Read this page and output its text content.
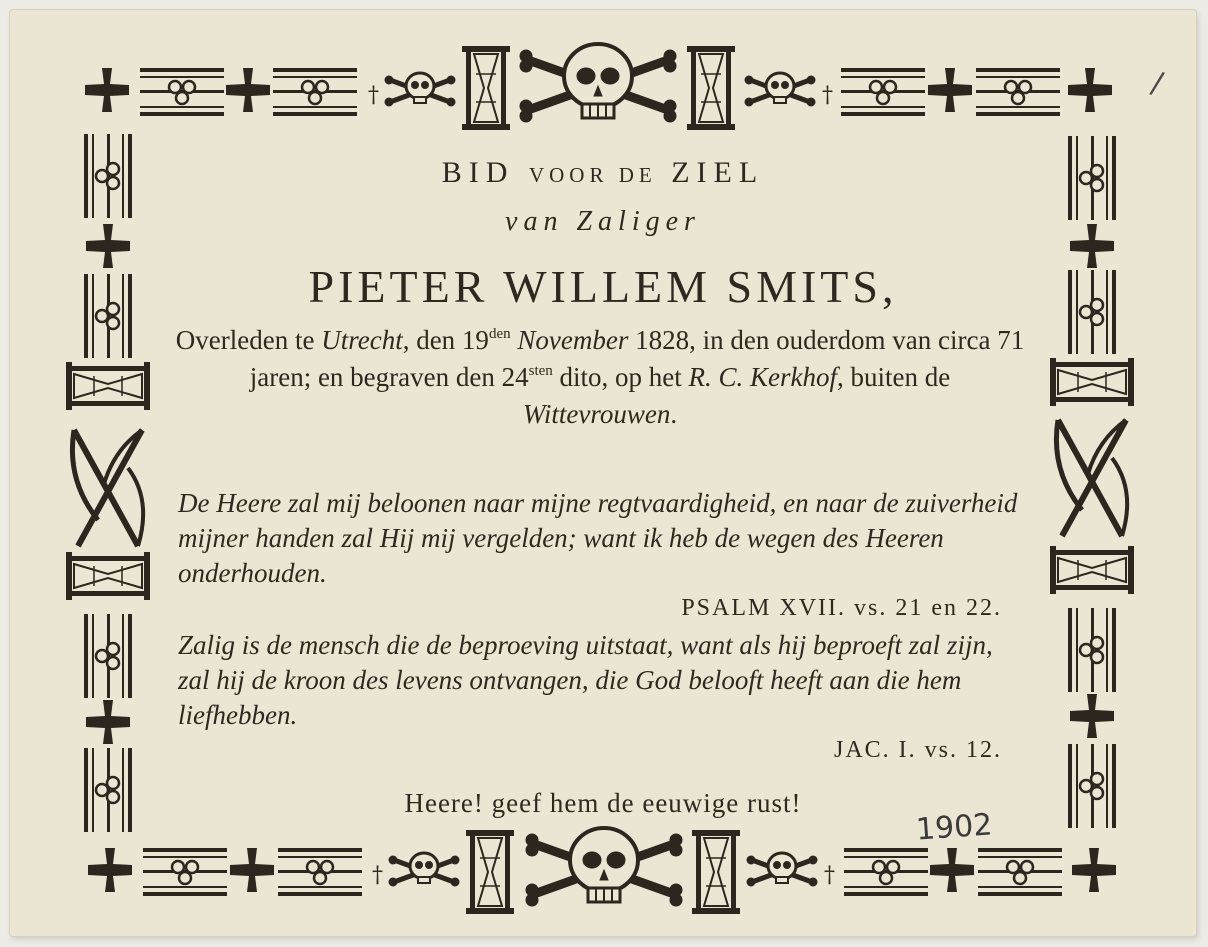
†	†
†	†

BID VOOR DE ZIEL

van Zaliger

PIETER WILLEM SMITS,

Overleden te Utrecht, den $19^{den}$ November 1828, in den ouderdom van circa 71 jaren; en begraven den $24^{sten}$ dito, op het R. C. Kerkhof, buiten de Wittevrouwen.

De Heere zal mij beloonen naar mijne regtvaardigheid, en naar de zuiverheid mijner handen zal Hij mij vergelden; want ik heb de wegen des Heeren onderhouden.

PSALM XVII. vs. 21 en 22.

Zalig is de mensch die de beproeving uitstaat, want als hij beproeft zal zijn, zal hij de kroon des levens ontvangen, die God belooft heeft aan die hem liefhebben.

JAC. I. vs. 12.

Heere! geef hem de eeuwige rust!

1902

/
